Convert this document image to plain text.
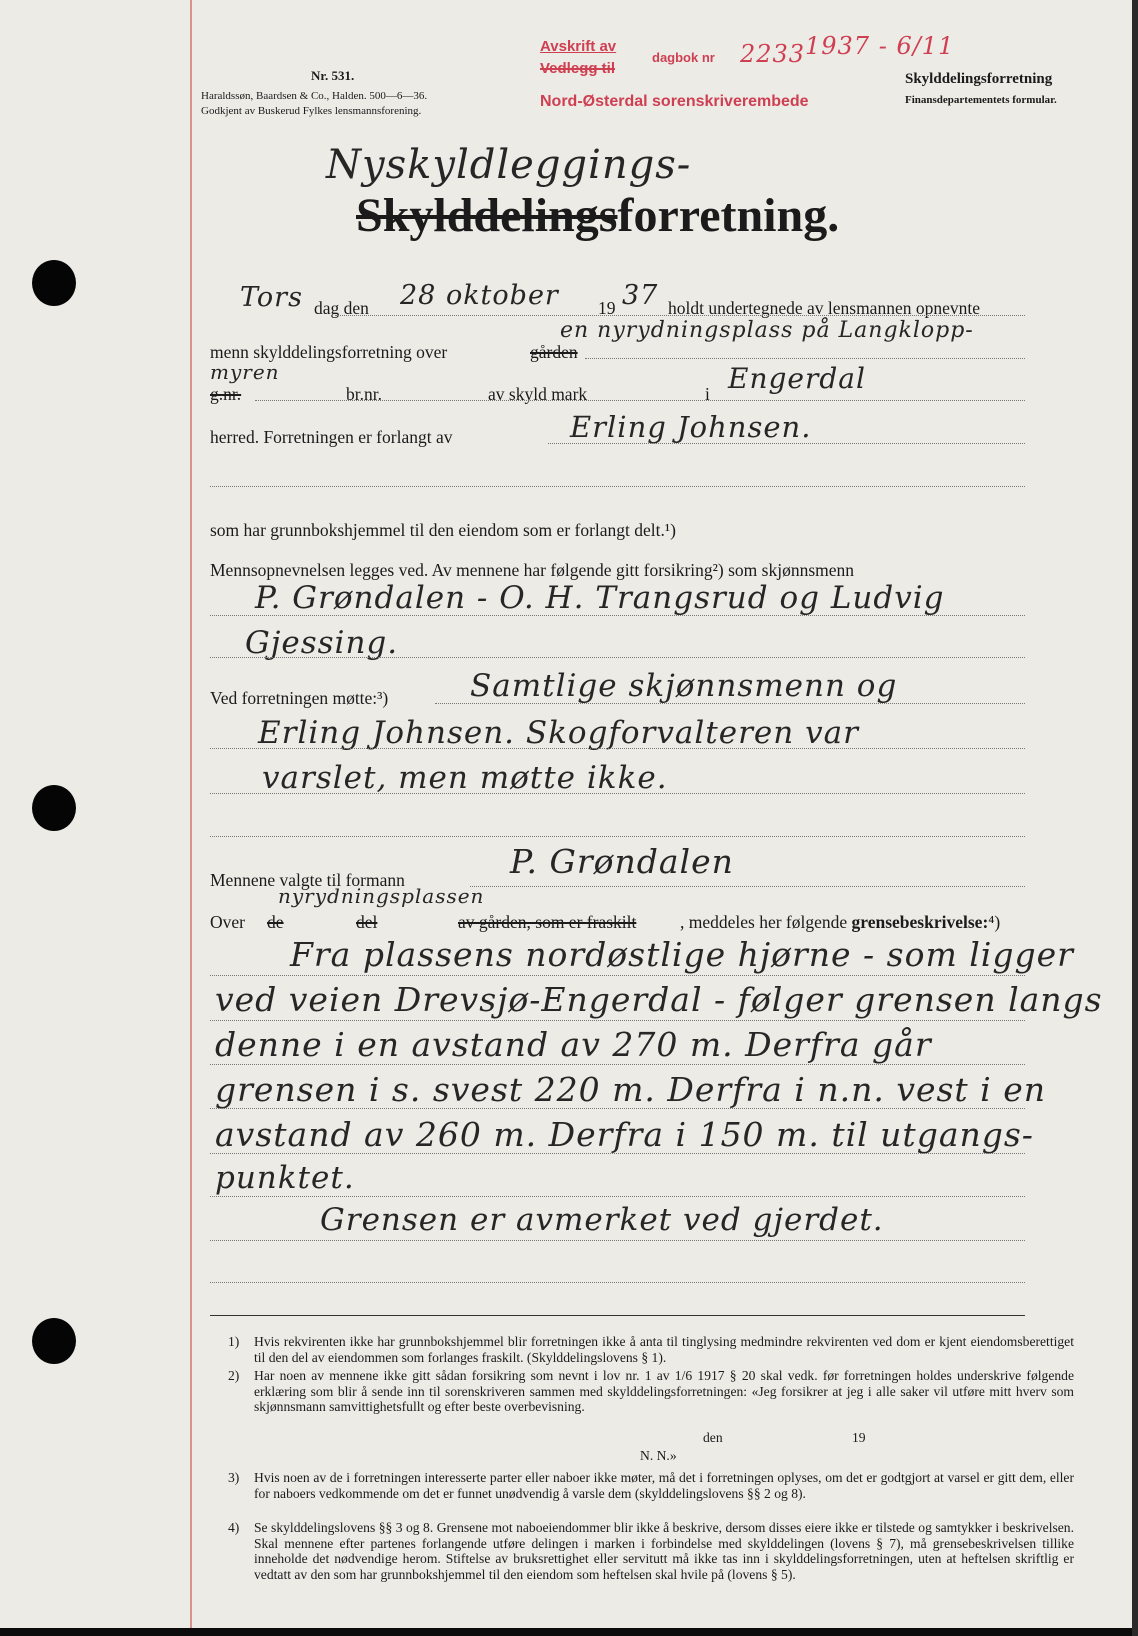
Nr. 531.
Haraldssøn, Baardsen & Co., Halden. 500—6—36.
Godkjent av Buskerud Fylkes lensmannsforening.
Avskrift av
dagbok nr 2233 1937 - 6/11
Vedlegg til
Nord-Østerdal sorenskriverembede
Skylddelingsforretning
Finansdepartementets formular.
Nyskyldleggings-
Skylddelingsforretning.
Tors dag den 28 oktober 19 37 holdt undertegnede av lensmannen opnevnte
en nyrydningsplass på Langklopp-
menn skylddelingsforretning over	gården
myren
g.nr.	br.nr.	av skyld mark	i Engerdal
herred. Forretningen er forlangt av	Erling Johnsen.
som har grunnbokshjemmel til den eiendom som er forlangt delt.¹)
Mennsopnevnelsen legges ved. Av mennene har følgende gitt forsikring²) som skjønnsmenn
P. Grøndalen - O. H. Trangsrud og Ludvig
Gjessing.
Ved forretningen møtte:³)	Samtlige skjønnsmenn og
Erling Johnsen. Skogforvalteren var
varslet, men møtte ikke.
Mennene valgte til formann	P. Grøndalen
nyrydningsplassen
Over de	del	av gården, som er fraskilt , meddeles her følgende grensebeskrivelse:⁴)
Fra plassens nordøstlige hjørne - som ligger
ved veien Drevsjø-Engerdal - følger grensen langs
denne i en avstand av 270 m. Derfra går
grensen i s. svest 220 m. Derfra i n.n. vest i en
avstand av 260 m. Derfra i 150 m. til utgangs-
punktet.
Grensen er avmerket ved gjerdet.
1) Hvis rekvirenten ikke har grunnbokshjemmel blir forretningen ikke å anta til tinglysing medmindre rekvirenten ved dom er kjent eiendomsberettiget til den del av eiendommen som forlanges fraskilt. (Skylddelingslovens § 1).
2) Har noen av mennene ikke gitt sådan forsikring som nevnt i lov nr. 1 av 1/6 1917 § 20 skal vedk. før forretningen holdes underskrive følgende erklæring som blir å sende inn til sorenskriveren sammen med skylddelingsforretningen: «Jeg forsikrer at jeg i alle saker vil utføre mitt hverv som skjønnsmann samvittighetsfullt og efter beste overbevisning.
den	19
N. N.»
3) Hvis noen av de i forretningen interesserte parter eller naboer ikke møter, må det i forretningen oplyses, om det er godtgjort at varsel er gitt dem, eller for naboers vedkommende om det er funnet unødvendig å varsle dem (skylddelingslovens §§ 2 og 8).
4) Se skylddelingslovens §§ 3 og 8. Grensene mot naboeiendommer blir ikke å beskrive, dersom disses eiere ikke er tilstede og samtykker i beskrivelsen. Skal mennene efter partenes forlangende utføre delingen i marken i forbindelse med skylddelingen (lovens § 7), må grensebeskrivelsen tillike inneholde det nødvendige herom. Stiftelse av bruksrettighet eller servitutt må ikke tas inn i skylddelingsforretningen, uten at heftelsen skriftlig er vedtatt av den som har grunnbokshjemmel til den eiendom som heftelsen skal hvile på (lovens § 5).
